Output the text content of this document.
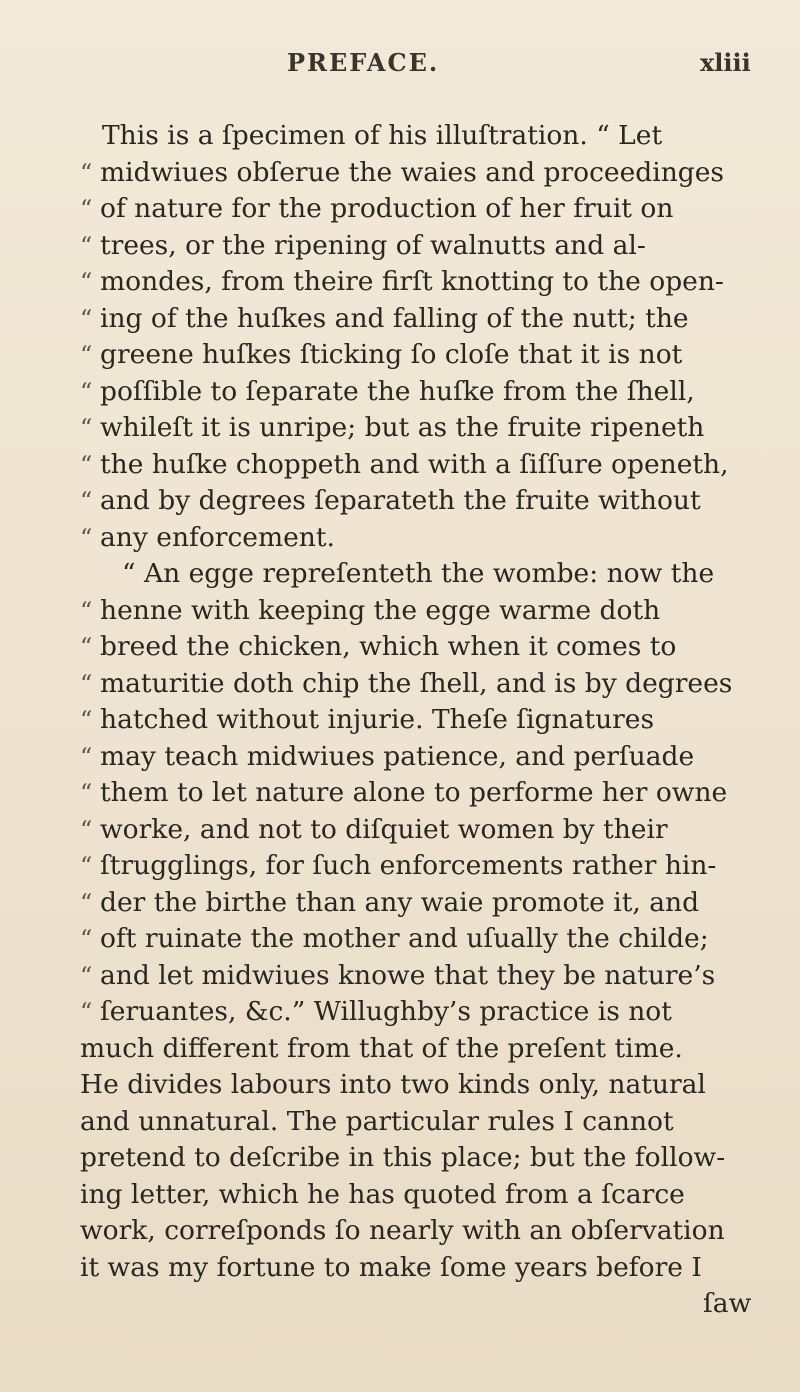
PREFACE.	xliii
This is a ſpecimen of his illuſtration. “ Let
“ midwiues obſerue the waies and proceedinges
“ of nature for the production of her fruit on
“ trees, or the ripening of walnutts and al-
“ mondes, from theire firſt knotting to the open-
“ ing of the huſkes and falling of the nutt; the
“ greene huſkes ſticking ſo cloſe that it is not
“ poſſible to ſeparate the huſke from the ſhell,
“ whileſt it is unripe; but as the fruite ripeneth
“ the huſke choppeth and with a ſiſſure openeth,
“ and by degrees ſeparateth the fruite without
“ any enforcement.
“ An egge repreſenteth the wombe: now the
“ henne with keeping the egge warme doth
“ breed the chicken, which when it comes to
“ maturitie doth chip the ſhell, and is by degrees
“ hatched without injurie. Theſe ſignatures
“ may teach midwiues patience, and perſuade
“ them to let nature alone to performe her owne
“ worke, and not to diſquiet women by their
“ ſtrugglings, for ſuch enforcements rather hin-
“ der the birthe than any waie promote it, and
“ oft ruinate the mother and uſually the childe;
“ and let midwiues knowe that they be nature’s
“ ſeruantes, &c.” Willughby’s practice is not
much different from that of the preſent time.
He divides labours into two kinds only, natural
and unnatural. The particular rules I cannot
pretend to deſcribe in this place; but the follow-
ing letter, which he has quoted from a ſcarce
work, correſponds ſo nearly with an obſervation
it was my fortune to make ſome years before I
ſaw
